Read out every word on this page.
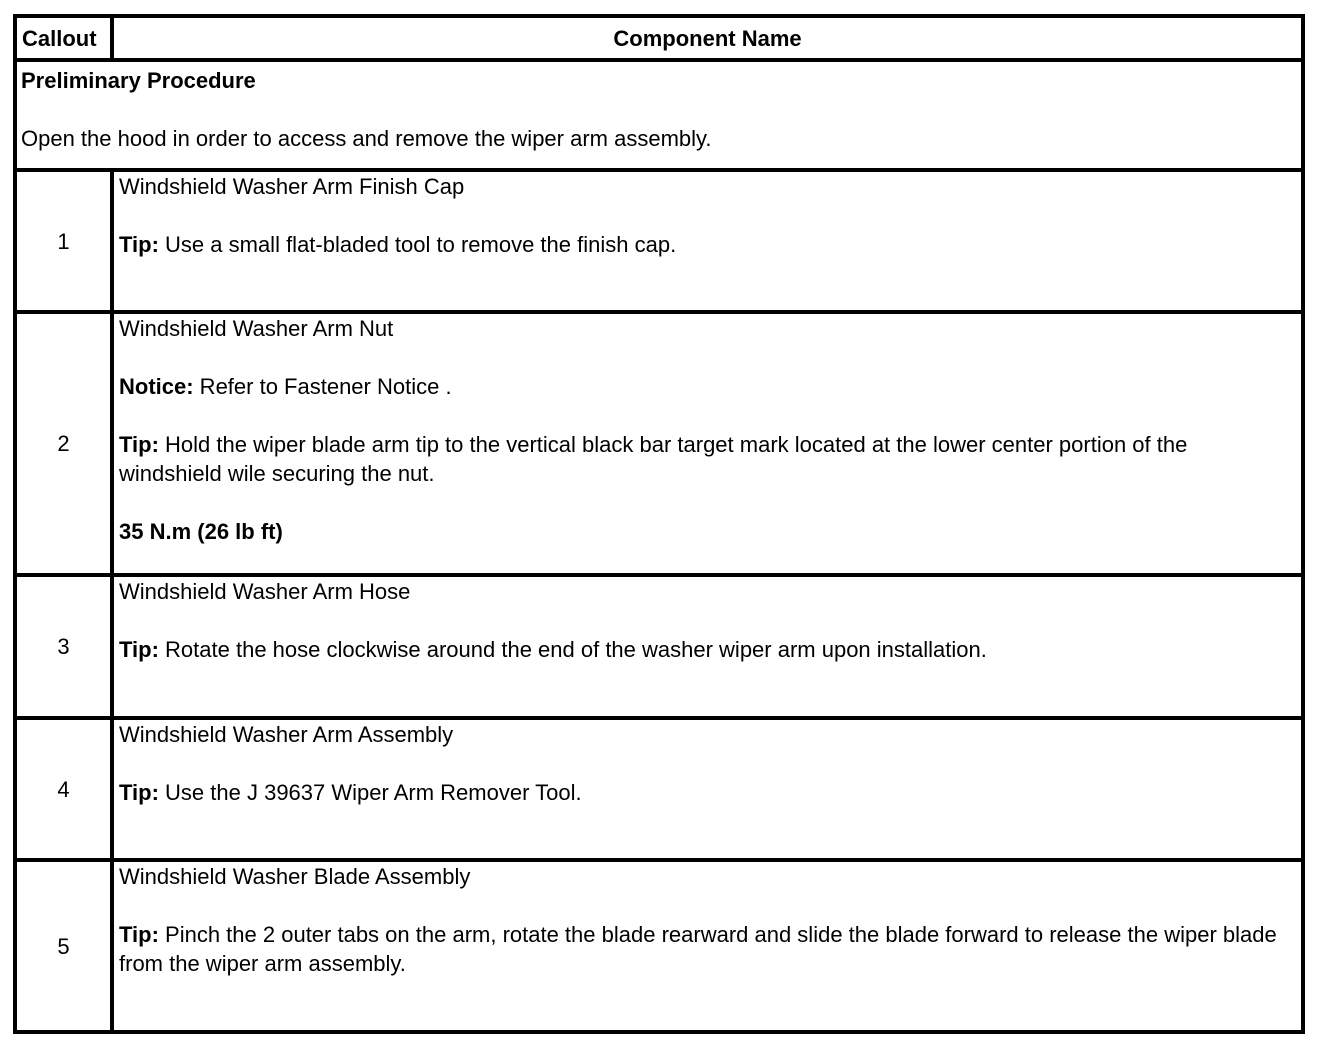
Callout	Component Name

Preliminary Procedure
Open the hood in order to access and remove the wiper arm assembly.	

1	Windshield Washer Arm Finish Cap
Tip: Use a small flat-bladed tool to remove the finish cap.

2	Windshield Washer Arm Nut
Notice: Refer to Fastener Notice .
Tip: Hold the wiper blade arm tip to the vertical black bar target mark located at the lower center portion of the windshield wile securing the nut.
35 N.m (26 lb ft)

3	Windshield Washer Arm Hose
Tip: Rotate the hose clockwise around the end of the washer wiper arm upon installation.

4	Windshield Washer Arm Assembly
Tip: Use the J 39637 Wiper Arm Remover Tool.

5	Windshield Washer Blade Assembly
Tip: Pinch the 2 outer tabs on the arm, rotate the blade rearward and slide the blade forward to release the wiper blade from the wiper arm assembly.
